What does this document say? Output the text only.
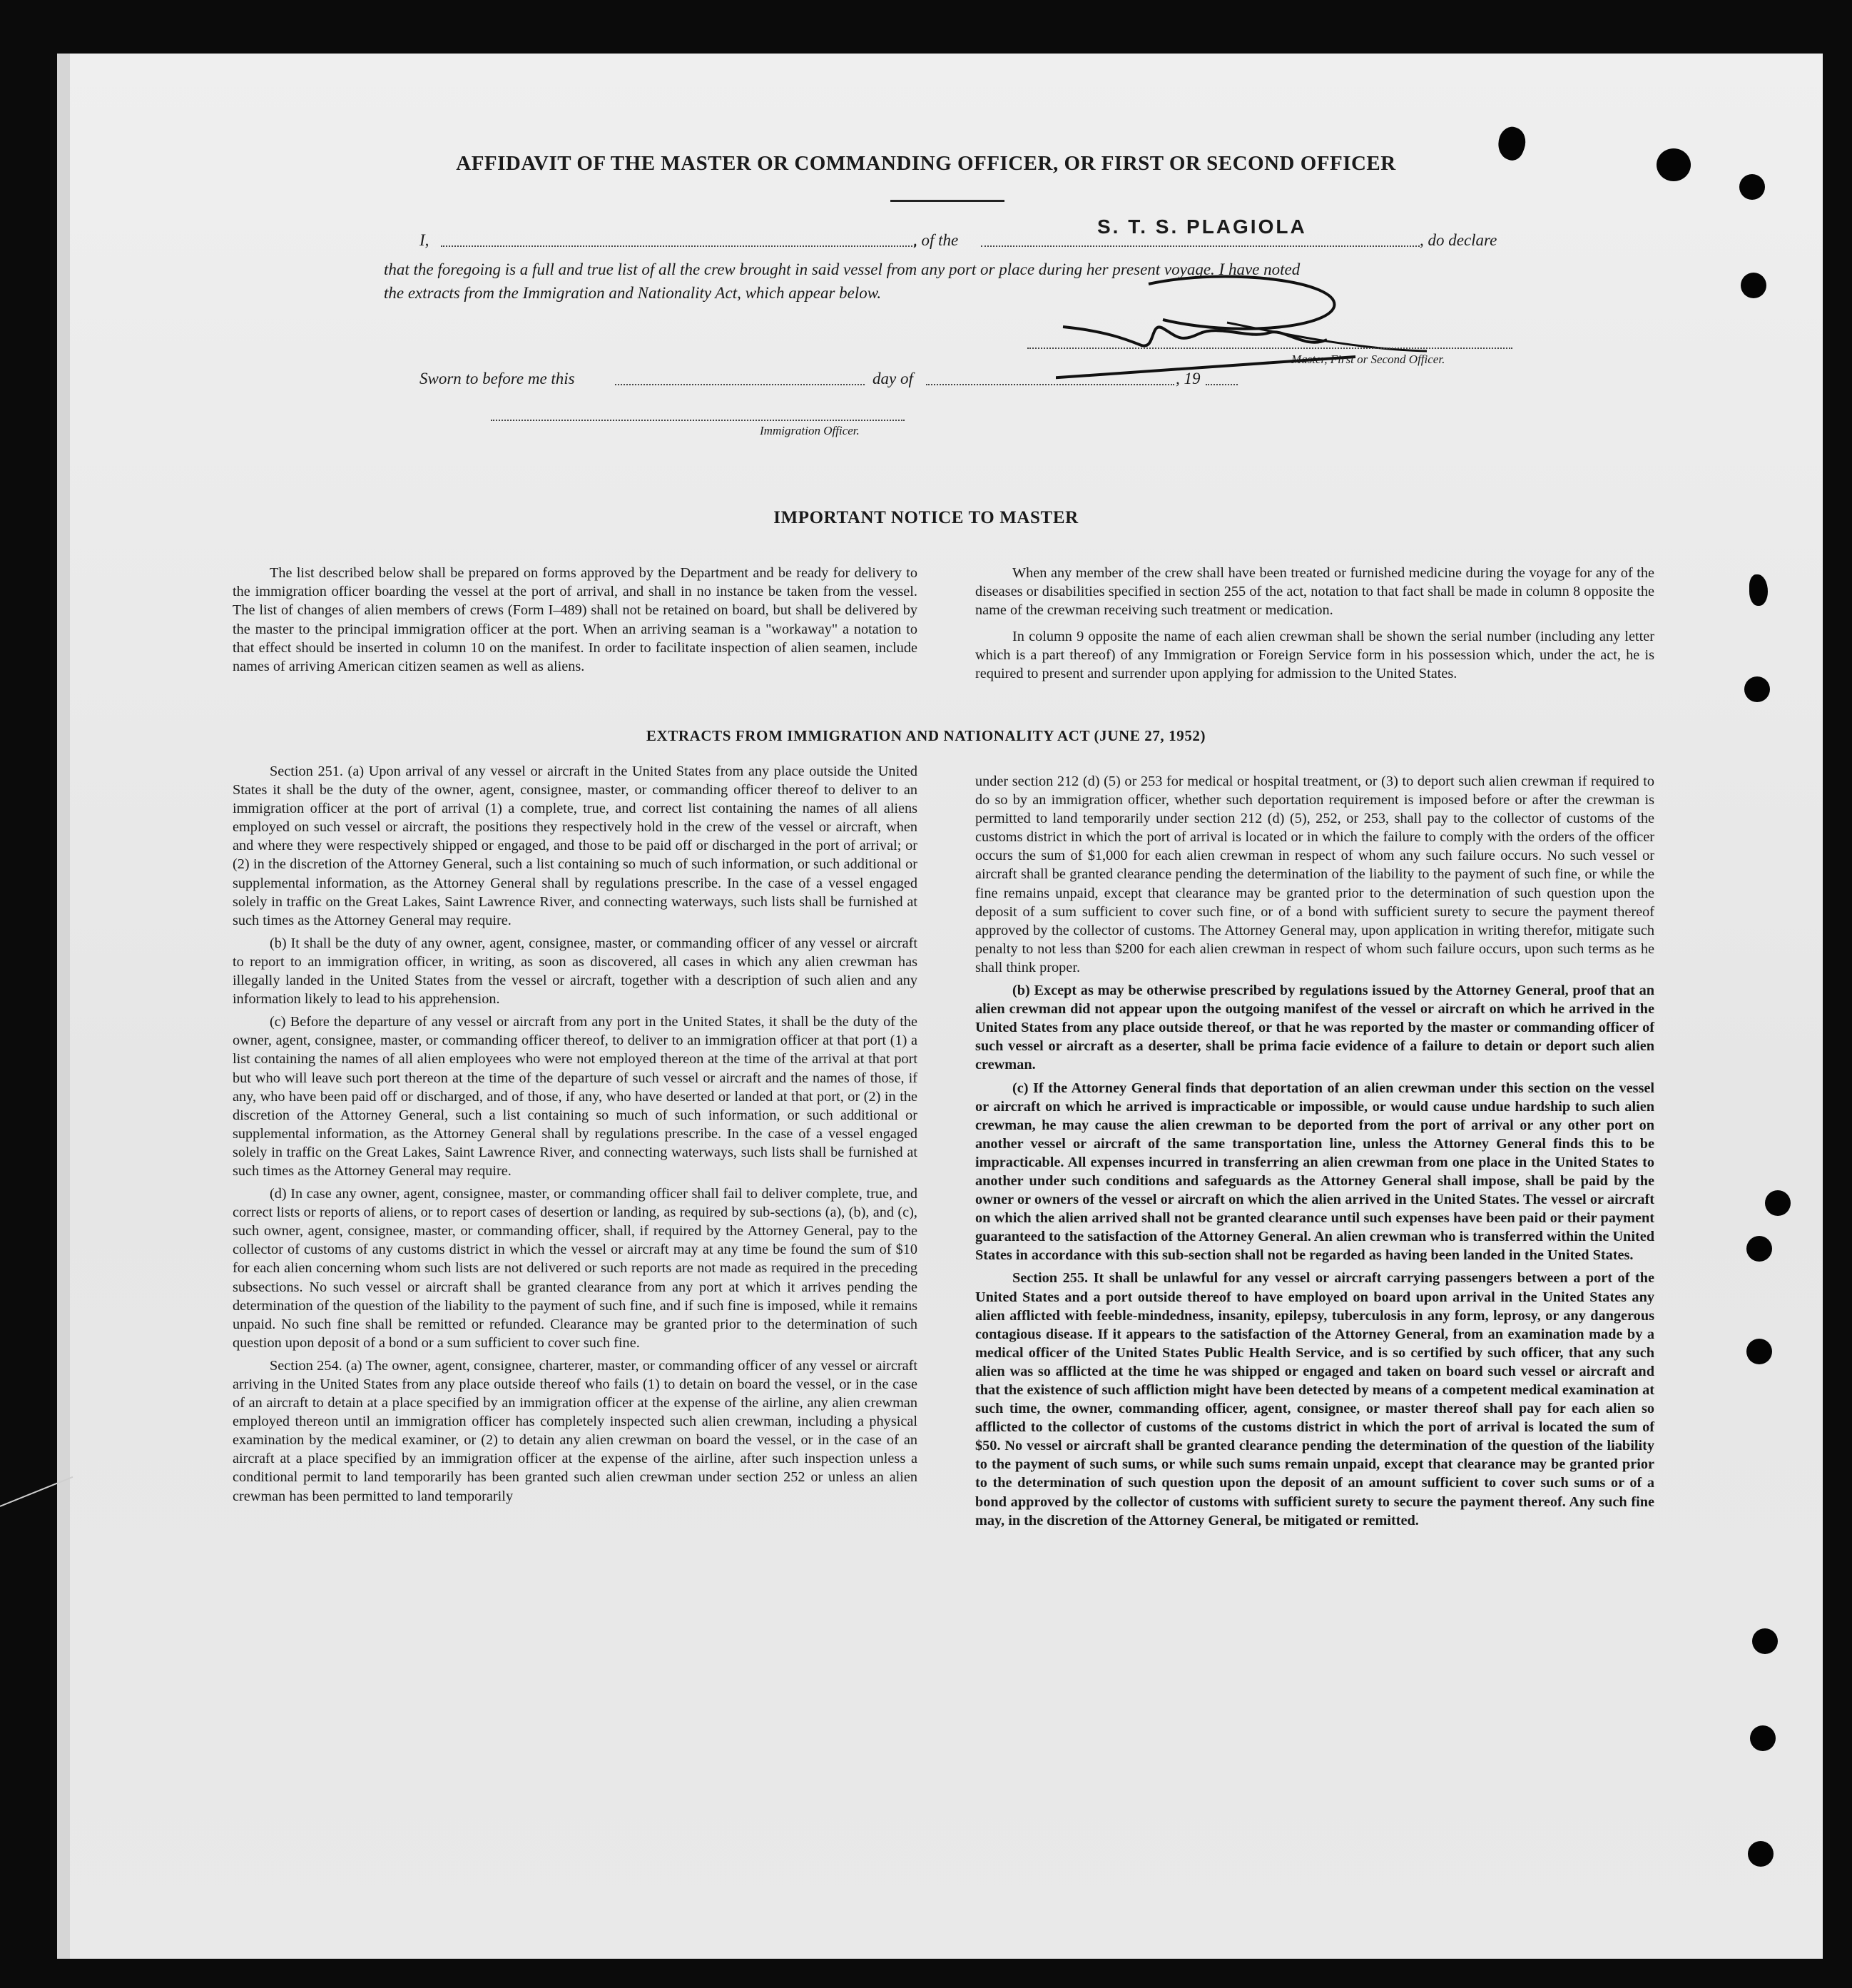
AFFIDAVIT OF THE MASTER OR COMMANDING OFFICER, OR FIRST OR SECOND OFFICER
I,	, of the
S. T. S. PLAGIOLA
, do declare
that the foregoing is a full and true list of all the crew brought in said vessel from any port or place during her present voyage. I have noted
the extracts from the Immigration and Nationality Act, which appear below.
Master, First or Second Officer.
Sworn to before me this	day of	, 19
Immigration Officer.
IMPORTANT NOTICE TO MASTER

The list described below shall be prepared on forms approved by the Department and be ready for delivery to the immigration officer boarding the vessel at the port of arrival, and shall in no instance be taken from the vessel. The list of changes of alien members of crews (Form I–489) shall not be retained on board, but shall be delivered by the master to the principal immigration officer at the port. When an arriving seaman is a "workaway" a notation to that effect should be inserted in column 10 on the manifest. In order to facilitate inspection of alien seamen, include names of arriving American citizen seamen as well as aliens.

When any member of the crew shall have been treated or furnished medicine during the voyage for any of the diseases or disabilities specified in section 255 of the act, notation to that fact shall be made in column 8 opposite the name of the crewman receiving such treatment or medication.

In column 9 opposite the name of each alien crewman shall be shown the serial number (including any letter which is a part thereof) of any Immigration or Foreign Service form in his possession which, under the act, he is required to present and surrender upon applying for admission to the United States.

EXTRACTS FROM IMMIGRATION AND NATIONALITY ACT (JUNE 27, 1952)

Section 251. (a) Upon arrival of any vessel or aircraft in the United States from any place outside the United States it shall be the duty of the owner, agent, consignee, master, or commanding officer thereof to deliver to an immigration officer at the port of arrival (1) a complete, true, and correct list containing the names of all aliens employed on such vessel or aircraft, the positions they respectively hold in the crew of the vessel or aircraft, when and where they were respectively shipped or engaged, and those to be paid off or discharged in the port of arrival; or (2) in the discretion of the Attorney General, such a list containing so much of such information, or such additional or supplemental information, as the Attorney General shall by regulations prescribe. In the case of a vessel engaged solely in traffic on the Great Lakes, Saint Lawrence River, and connecting waterways, such lists shall be furnished at such times as the Attorney General may require.

(b) It shall be the duty of any owner, agent, consignee, master, or commanding officer of any vessel or aircraft to report to an immigration officer, in writing, as soon as discovered, all cases in which any alien crewman has illegally landed in the United States from the vessel or aircraft, together with a description of such alien and any information likely to lead to his apprehension.

(c) Before the departure of any vessel or aircraft from any port in the United States, it shall be the duty of the owner, agent, consignee, master, or commanding officer thereof, to deliver to an immigration officer at that port (1) a list containing the names of all alien employees who were not employed thereon at the time of the arrival at that port but who will leave such port thereon at the time of the departure of such vessel or aircraft and the names of those, if any, who have been paid off or discharged, and of those, if any, who have deserted or landed at that port, or (2) in the discretion of the Attorney General, such a list containing so much of such information, or such additional or supplemental information, as the Attorney General shall by regulations prescribe. In the case of a vessel engaged solely in traffic on the Great Lakes, Saint Lawrence River, and connecting waterways, such lists shall be furnished at such times as the Attorney General may require.

(d) In case any owner, agent, consignee, master, or commanding officer shall fail to deliver complete, true, and correct lists or reports of aliens, or to report cases of desertion or landing, as required by sub-sections (a), (b), and (c), such owner, agent, consignee, master, or commanding officer, shall, if required by the Attorney General, pay to the collector of customs of any customs district in which the vessel or aircraft may at any time be found the sum of $10 for each alien concerning whom such lists are not delivered or such reports are not made as required in the preceding subsections. No such vessel or aircraft shall be granted clearance from any port at which it arrives pending the determination of the question of the liability to the payment of such fine, and if such fine is imposed, while it remains unpaid. No such fine shall be remitted or refunded. Clearance may be granted prior to the determination of such question upon deposit of a bond or a sum sufficient to cover such fine.

Section 254. (a) The owner, agent, consignee, charterer, master, or commanding officer of any vessel or aircraft arriving in the United States from any place outside thereof who fails (1) to detain on board the vessel, or in the case of an aircraft to detain at a place specified by an immigration officer at the expense of the airline, any alien crewman employed thereon until an immigration officer has completely inspected such alien crewman, including a physical examination by the medical examiner, or (2) to detain any alien crewman on board the vessel, or in the case of an aircraft at a place specified by an immigration officer at the expense of the airline, after such inspection unless a conditional permit to land temporarily has been granted such alien crewman under section 252 or unless an alien crewman has been permitted to land temporarily

under section 212 (d) (5) or 253 for medical or hospital treatment, or (3) to deport such alien crewman if required to do so by an immigration officer, whether such deportation requirement is imposed before or after the crewman is permitted to land temporarily under section 212 (d) (5), 252, or 253, shall pay to the collector of customs of the customs district in which the port of arrival is located or in which the failure to comply with the orders of the officer occurs the sum of $1,000 for each alien crewman in respect of whom any such failure occurs. No such vessel or aircraft shall be granted clearance pending the determination of the liability to the payment of such fine, or while the fine remains unpaid, except that clearance may be granted prior to the determination of such question upon the deposit of a sum sufficient to cover such fine, or of a bond with sufficient surety to secure the payment thereof approved by the collector of customs. The Attorney General may, upon application in writing therefor, mitigate such penalty to not less than $200 for each alien crewman in respect of whom such failure occurs, upon such terms as he shall think proper.

(b) Except as may be otherwise prescribed by regulations issued by the Attorney General, proof that an alien crewman did not appear upon the outgoing manifest of the vessel or aircraft on which he arrived in the United States from any place outside thereof, or that he was reported by the master or commanding officer of such vessel or aircraft as a deserter, shall be prima facie evidence of a failure to detain or deport such alien crewman.

(c) If the Attorney General finds that deportation of an alien crewman under this section on the vessel or aircraft on which he arrived is impracticable or impossible, or would cause undue hardship to such alien crewman, he may cause the alien crewman to be deported from the port of arrival or any other port on another vessel or aircraft of the same transportation line, unless the Attorney General finds this to be impracticable. All expenses incurred in transferring an alien crewman from one place in the United States to another under such conditions and safeguards as the Attorney General shall impose, shall be paid by the owner or owners of the vessel or aircraft on which the alien arrived in the United States. The vessel or aircraft on which the alien arrived shall not be granted clearance until such expenses have been paid or their payment guaranteed to the satisfaction of the Attorney General. An alien crewman who is transferred within the United States in accordance with this sub-section shall not be regarded as having been landed in the United States.

Section 255. It shall be unlawful for any vessel or aircraft carrying passengers between a port of the United States and a port outside thereof to have employed on board upon arrival in the United States any alien afflicted with feeble-mindedness, insanity, epilepsy, tuberculosis in any form, leprosy, or any dangerous contagious disease. If it appears to the satisfaction of the Attorney General, from an examination made by a medical officer of the United States Public Health Service, and is so certified by such officer, that any such alien was so afflicted at the time he was shipped or engaged and taken on board such vessel or aircraft and that the existence of such affliction might have been detected by means of a competent medical examination at such time, the owner, commanding officer, agent, consignee, or master thereof shall pay for each alien so afflicted to the collector of customs of the customs district in which the port of arrival is located the sum of $50. No vessel or aircraft shall be granted clearance pending the determination of the question of the liability to the payment of such sums, or while such sums remain unpaid, except that clearance may be granted prior to the determination of such question upon the deposit of an amount sufficient to cover such sums or of a bond approved by the collector of customs with sufficient surety to secure the payment thereof. Any such fine may, in the discretion of the Attorney General, be mitigated or remitted.
